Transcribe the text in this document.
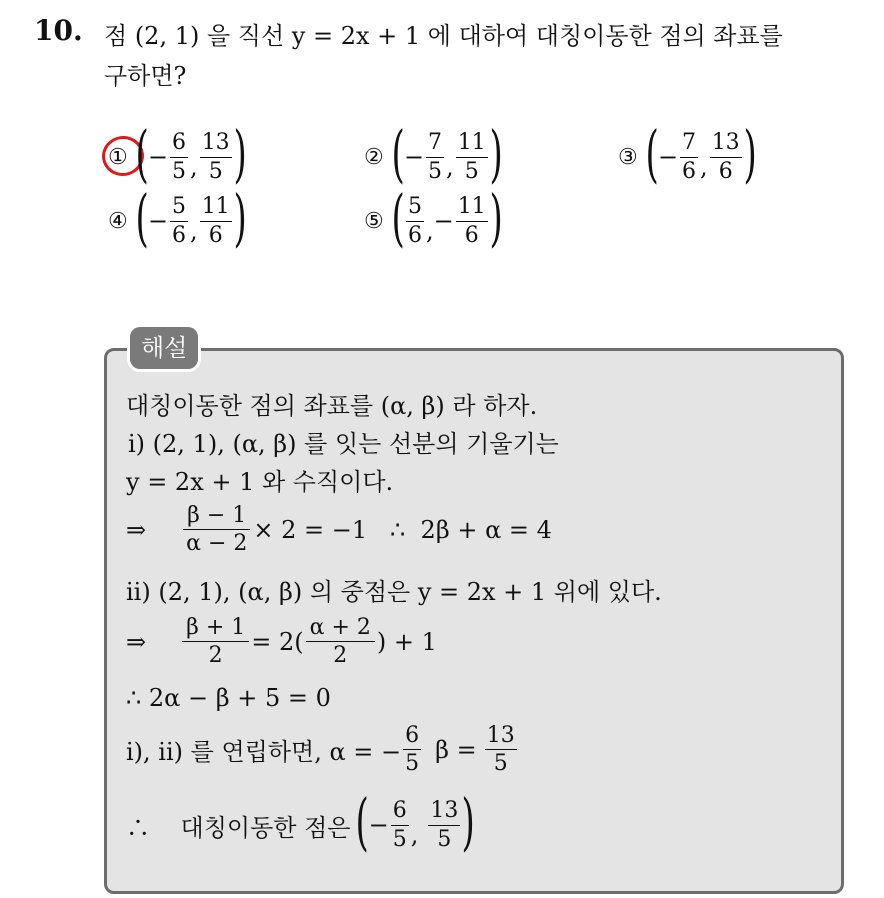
10. 점 (2, 1) 을 직선 y = 2x + 1 에 대하여 대칭이동한 점의 좌표를
구하면?
① ( − $\frac{6}{5}$ , $\frac{13}{5}$ )	② ( − $\frac{7}{5}$ , $\frac{11}{5}$ )	③ ( − $\frac{7}{6}$ , $\frac{13}{6}$ )
④ ( − $\frac{5}{6}$ , $\frac{11}{6}$ )	⑤ ( $\frac{5}{6}$ , − $\frac{11}{6}$ )
해설
대칭이동한 점의 좌표를 (α, β) 라 하자.
i) (2, 1), (α, β) 를 잇는 선분의 기울기는
y = 2x + 1 와 수직이다.
⇒ $\frac{\beta - 1}{\alpha - 2} \times 2 = -1$   ∴  2β + α = 4
ii) (2, 1), (α, β) 의 중점은 y = 2x + 1 위에 있다.
⇒ $\frac{\beta + 1}{2} = 2( \frac{\alpha + 2}{2}$ ) + 1
∴ 2α − β + 5 = 0
i), ii) 를 연립하면, α = − $\frac{6}{5}$ $\beta = \frac{13}{5}$
∴    대칭이동한 점은 ( − $\frac{6}{5}$ , $\frac{13}{5}$ )
